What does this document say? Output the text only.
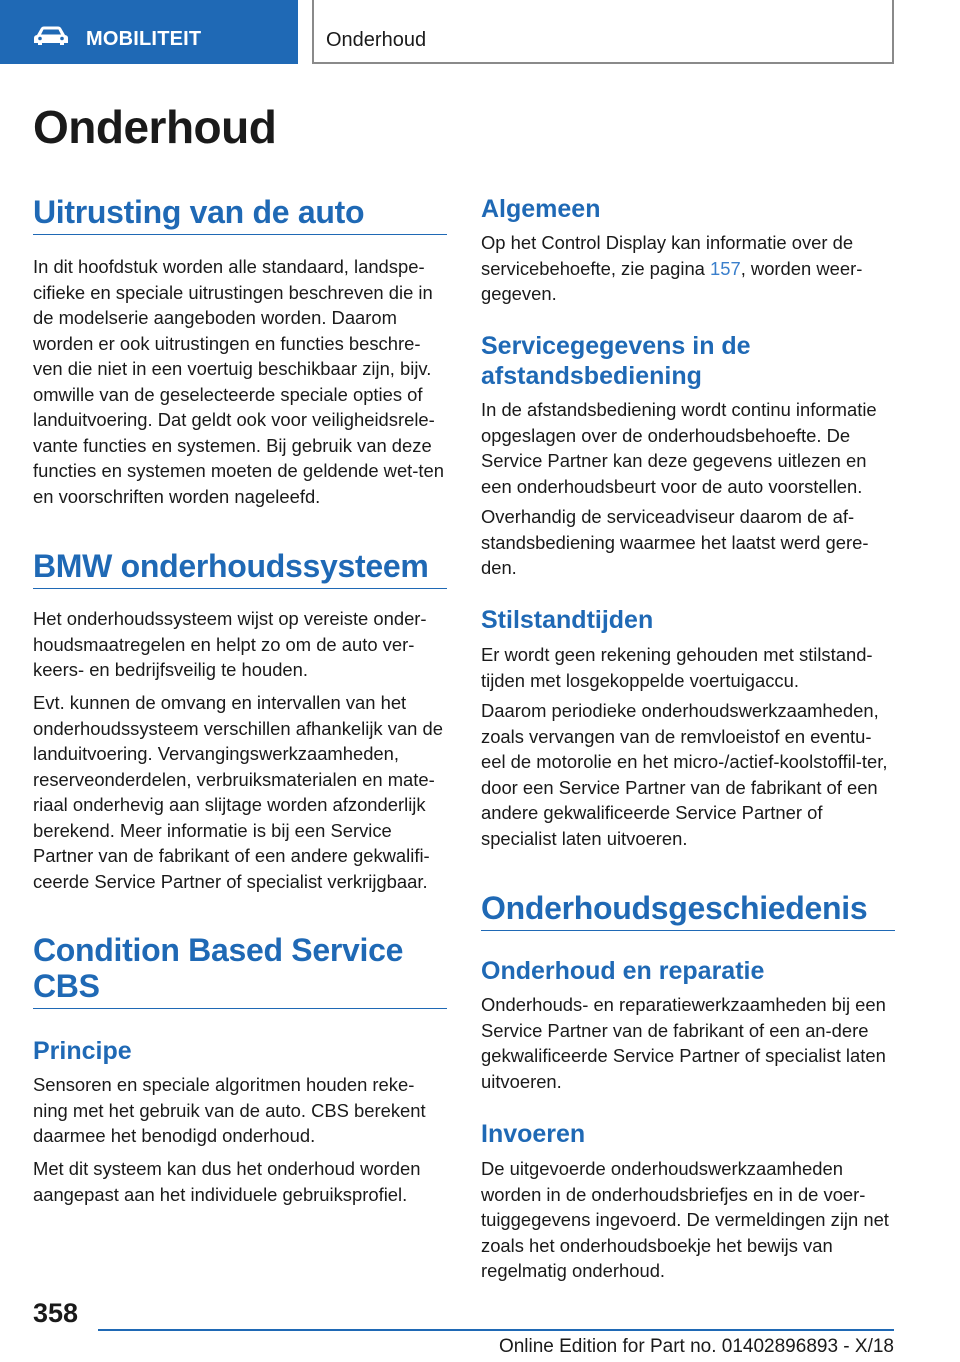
MOBILITEIT	Onderhoud
Onderhoud
Uitrusting van de auto

In dit hoofdstuk worden alle standaard, landspe-cifieke en speciale uitrustingen beschreven die in de modelserie aangeboden worden. Daarom worden er ook uitrustingen en functies beschre-ven die niet in een voertuig beschikbaar zijn, bijv. omwille van de geselecteerde speciale opties of landuitvoering. Dat geldt ook voor veiligheidsrele-vante functies en systemen. Bij gebruik van deze functies en systemen moeten de geldende wet-ten en voorschriften worden nageleefd.

BMW onderhoudssysteem

Het onderhoudssysteem wijst op vereiste onder-houdsmaatregelen en helpt zo om de auto ver-keers- en bedrijfsveilig te houden.

Evt. kunnen de omvang en intervallen van het onderhoudssysteem verschillen afhankelijk van de landuitvoering. Vervangingswerkzaamheden, reserveonderdelen, verbruiksmaterialen en mate-riaal onderhevig aan slijtage worden afzonderlijk berekend. Meer informatie is bij een Service Partner van de fabrikant of een andere gekwalifi-ceerde Service Partner of specialist verkrijgbaar.

Condition Based Service CBS
Principe

Sensoren en speciale algoritmen houden reke-ning met het gebruik van de auto. CBS berekent daarmee het benodigd onderhoud.

Met dit systeem kan dus het onderhoud worden aangepast aan het individuele gebruiksprofiel.

Algemeen

Op het Control Display kan informatie over de servicebehoefte, zie pagina 157, worden weer-gegeven.

Servicegegevens in de afstandsbediening

In de afstandsbediening wordt continu informatie opgeslagen over de onderhoudsbehoefte. De Service Partner kan deze gegevens uitlezen en een onderhoudsbeurt voor de auto voorstellen.

Overhandig de serviceadviseur daarom de af-standsbediening waarmee het laatst werd gere-den.

Stilstandtijden

Er wordt geen rekening gehouden met stilstand-tijden met losgekoppelde voertuigaccu.

Daarom periodieke onderhoudswerkzaamheden, zoals vervangen van de remvloeistof en eventu-eel de motorolie en het micro-/actief-koolstoffil-ter, door een Service Partner van de fabrikant of een andere gekwalificeerde Service Partner of specialist laten uitvoeren.

Onderhoudsgeschiedenis
Onderhoud en reparatie

Onderhouds- en reparatiewerkzaamheden bij een Service Partner van de fabrikant of een an-dere gekwalificeerde Service Partner of specialist laten uitvoeren.

Invoeren

De uitgevoerde onderhoudswerkzaamheden worden in de onderhoudsbriefjes en in de voer-tuiggegevens ingevoerd. De vermeldingen zijn net zoals het onderhoudsboekje het bewijs van regelmatig onderhoud.

358
Online Edition for Part no. 01402896893 - X/18
